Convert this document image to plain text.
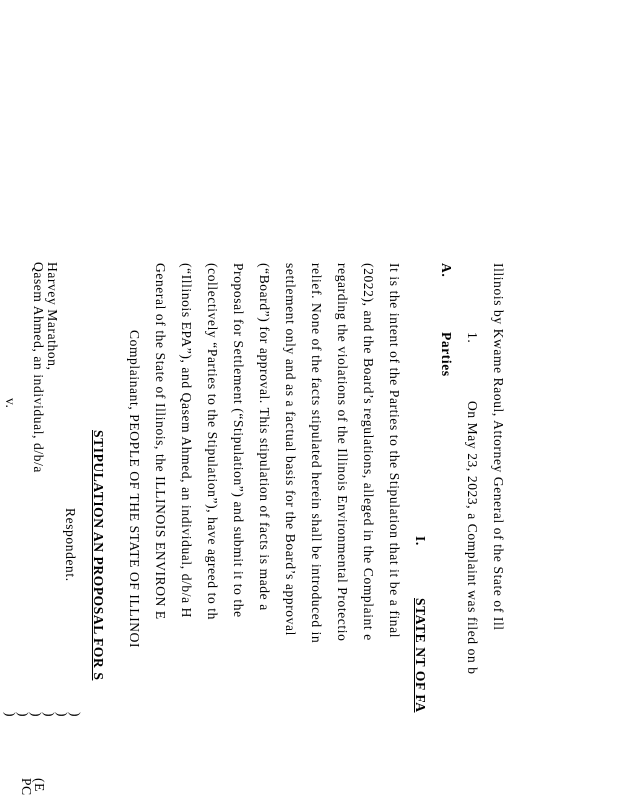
Qasem Ahmed, an individual, d/b/a Harvey Marathon,
v.
Respondent.
)
)
)
)
)
)
PC
(E
STIPULATION AN PROPOSAL FOR S Complainant, PEOPLE OF THE STATE OF ILLINOI General of the State of Illinois, the ILLINOIS ENVIRON E (“Illinois EPA”), and Qasem Ahmed, an individual, d/b/a H (collectively “Parties to the Stipulation”), have agreed to th Proposal for Settlement (“Stipulation”) and submit it to the (“Board”) for approval. This stipulation of facts is made a settlement only and as a factual basis for the Board’s approval relief. None of the facts stipulated herein shall be introduced in regarding the violations of the Illinois Environmental Protectio (2022), and the Board’s regulations, alleged in the Complaint e It is the intent of the Parties to the Stipulation that it be a final I.
STATE NT OF FA
A.
Parties 1.
On May 23, 2023, a Complaint was filed on b Illinois by Kwame Raoul, Attorney General of the State of Ill
